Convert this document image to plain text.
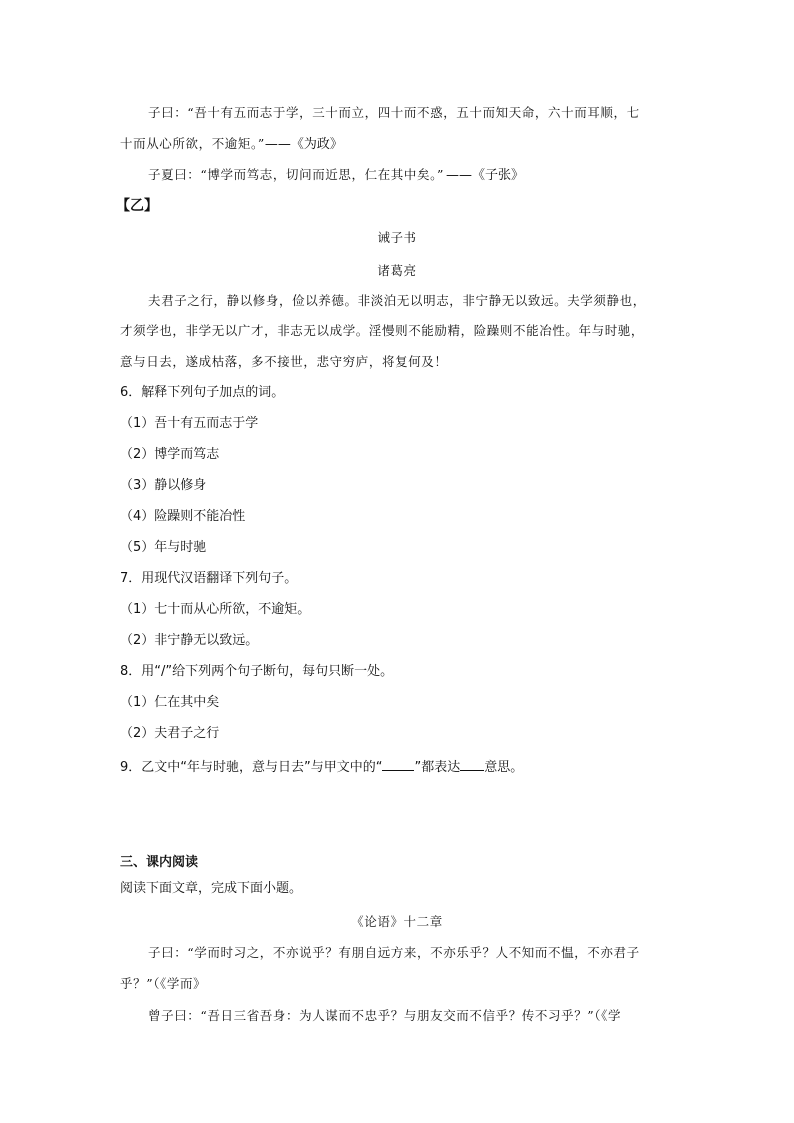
子曰：“吾十有五而志于学，三十而立，四十而不惑，五十而知天命，六十而耳顺，七
十而从心所欲，不逾矩。”——《为政》
子夏曰：“博学而笃志，切问而近思，仁在其中矣。” ——《子张》
【乙】
诫子书
诸葛亮
夫君子之行，静以修身，俭以养德。非淡泊无以明志，非宁静无以致远。夫学须静也，
才须学也，非学无以广才，非志无以成学。淫慢则不能励精，险躁则不能冶性。年与时驰，
意与日去，遂成枯落，多不接世，悲守穷庐，将复何及！
6．解释下列句子加点的词。
（1）吾十有五而志于学
（2）博学而笃志
（3）静以修身
（4）险躁则不能冶性
（5）年与时驰
7．用现代汉语翻译下列句子。
（1）七十而从心所欲，不逾矩。
（2）非宁静无以致远。
8．用“/”给下列两个句子断句，每句只断一处。
（1）仁在其中矣
（2）夫君子之行
9．乙文中“年与时驰，意与日去”与甲文中的“ ”都表达 意思。
三、课内阅读
阅读下面文章，完成下面小题。
《论语》十二章
子曰：“学而时习之，不亦说乎？有朋自远方来，不亦乐乎？人不知而不愠，不亦君子
乎？”（《学而》
曾子曰：“吾日三省吾身：为人谋而不忠乎？与朋友交而不信乎？传不习乎？”（《学
